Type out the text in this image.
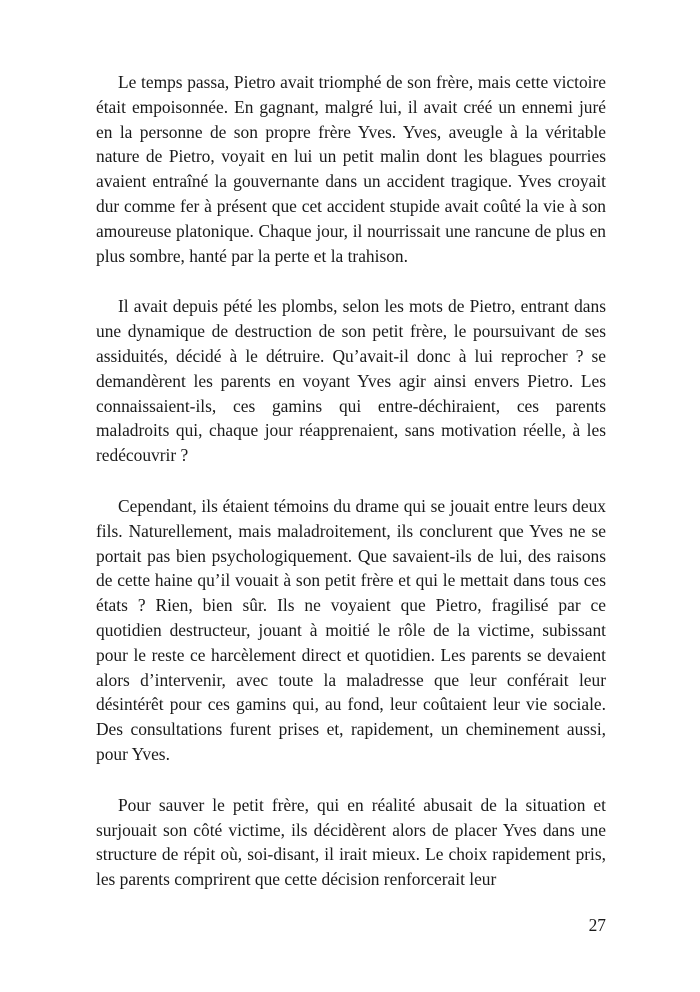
Le temps passa, Pietro avait triomphé de son frère, mais cette victoire était empoisonnée. En gagnant, malgré lui, il avait créé un ennemi juré en la personne de son propre frère Yves. Yves, aveugle à la véritable nature de Pietro, voyait en lui un petit malin dont les blagues pourries avaient entraîné la gouvernante dans un accident tragique. Yves croyait dur comme fer à présent que cet accident stupide avait coûté la vie à son amoureuse platonique. Chaque jour, il nourrissait une rancune de plus en plus sombre, hanté par la perte et la trahison.

Il avait depuis pété les plombs, selon les mots de Pietro, entrant dans une dynamique de destruction de son petit frère, le poursuivant de ses assiduités, décidé à le détruire. Qu’avait-il donc à lui reprocher ? se demandèrent les parents en voyant Yves agir ainsi envers Pietro. Les connaissaient-ils, ces gamins qui entre-déchiraient, ces parents maladroits qui, chaque jour réapprenaient, sans motivation réelle, à les redécouvrir ?

Cependant, ils étaient témoins du drame qui se jouait entre leurs deux fils. Naturellement, mais maladroitement, ils conclurent que Yves ne se portait pas bien psychologiquement. Que savaient-ils de lui, des raisons de cette haine qu’il vouait à son petit frère et qui le mettait dans tous ces états ? Rien, bien sûr. Ils ne voyaient que Pietro, fragilisé par ce quotidien destructeur, jouant à moitié le rôle de la victime, subissant pour le reste ce harcèlement direct et quotidien. Les parents se devaient alors d’intervenir, avec toute la maladresse que leur conférait leur désintérêt pour ces gamins qui, au fond, leur coûtaient leur vie sociale. Des consultations furent prises et, rapidement, un cheminement aussi, pour Yves.

Pour sauver le petit frère, qui en réalité abusait de la situation et surjouait son côté victime, ils décidèrent alors de placer Yves dans une structure de répit où, soi-disant, il irait mieux. Le choix rapidement pris, les parents comprirent que cette décision renforcerait leur

27
